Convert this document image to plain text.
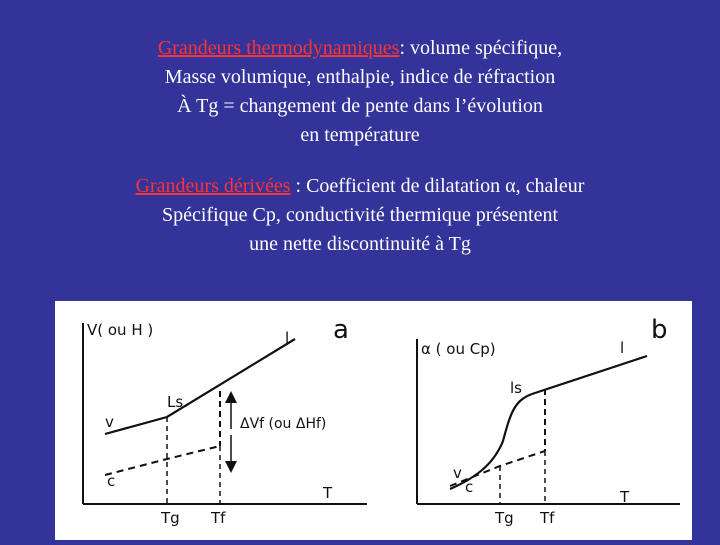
Grandeurs thermodynamiques: volume spécifique,
Masse volumique, enthalpie, indice de réfraction
À Tg = changement de pente dans l’évolution
en température
Grandeurs dérivées : Coefficient de dilatation α, chaleur
Spécifique Cp, conductivité thermique présentent
une nette discontinuité à Tg
V( ou H )	a
l
Ls.
v
c
ΔVf (ou ΔHf)
T
Tg Tf
α ( ou Cp)
b
l
ls
v
c
T
Tg Tf
